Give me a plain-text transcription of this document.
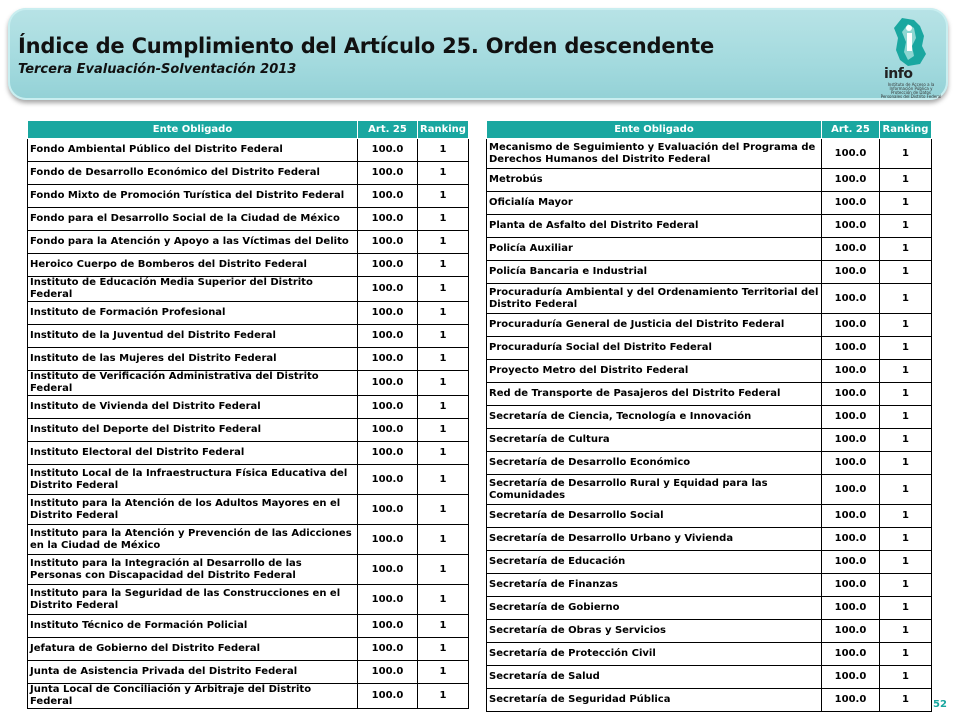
Índice de Cumplimiento del Artículo 25. Orden descendente
Tercera Evaluación-Solventación 2013	info
Instituto de Acceso a la Información Pública y Protección de Datos Personales del Distrito Federal
Ente Obligado	Art. 25	Ranking
Fondo Ambiental Público del Distrito Federal	100.0	1
Fondo de Desarrollo Económico del Distrito Federal	100.0	1
Fondo Mixto de Promoción Turística del Distrito Federal	100.0	1
Fondo para el Desarrollo Social de la Ciudad de México	100.0	1
Fondo para la Atención y Apoyo a las Víctimas del Delito	100.0	1
Heroico Cuerpo de Bomberos del Distrito Federal	100.0	1
Instituto de Educación Media Superior del Distrito Federal	100.0	1
Instituto de Formación Profesional	100.0	1
Instituto de la Juventud del Distrito Federal	100.0	1
Instituto de las Mujeres del Distrito Federal	100.0	1
Instituto de Verificación Administrativa del Distrito Federal	100.0	1
Instituto de Vivienda del Distrito Federal	100.0	1
Instituto del Deporte del Distrito Federal	100.0	1
Instituto Electoral del Distrito Federal	100.0	1
Instituto Local de la Infraestructura Física Educativa del Distrito Federal	100.0	1
Instituto para la Atención de los Adultos Mayores en el Distrito Federal	100.0	1
Instituto para la Atención y Prevención de las Adicciones en la Ciudad de México	100.0	1
Instituto para la Integración al Desarrollo de las Personas con Discapacidad del Distrito Federal	100.0	1
Instituto para la Seguridad de las Construcciones en el Distrito Federal	100.0	1
Instituto Técnico de Formación Policial	100.0	1
Jefatura de Gobierno del Distrito Federal	100.0	1
Junta de Asistencia Privada del Distrito Federal	100.0	1
Junta Local de Conciliación y Arbitraje del Distrito Federal	100.0	1
Ente Obligado	Art. 25	Ranking
Mecanismo de Seguimiento y Evaluación del Programa de Derechos Humanos del Distrito Federal	100.0	1
Metrobús	100.0	1
Oficialía Mayor	100.0	1
Planta de Asfalto del Distrito Federal	100.0	1
Policía Auxiliar	100.0	1
Policía Bancaria e Industrial	100.0	1
Procuraduría Ambiental y del Ordenamiento Territorial del Distrito Federal	100.0	1
Procuraduría General de Justicia del Distrito Federal	100.0	1
Procuraduría Social del Distrito Federal	100.0	1
Proyecto Metro del Distrito Federal	100.0	1
Red de Transporte de Pasajeros del Distrito Federal	100.0	1
Secretaría de Ciencia, Tecnología e Innovación	100.0	1
Secretaría de Cultura	100.0	1
Secretaría de Desarrollo Económico	100.0	1
Secretaría de Desarrollo Rural y Equidad para las Comunidades	100.0	1
Secretaría de Desarrollo Social	100.0	1
Secretaría de Desarrollo Urbano y Vivienda	100.0	1
Secretaría de Educación	100.0	1
Secretaría de Finanzas	100.0	1
Secretaría de Gobierno	100.0	1
Secretaría de Obras y Servicios	100.0	1
Secretaría de Protección Civil	100.0	1
Secretaría de Salud	100.0	1
Secretaría de Seguridad Pública	100.0	1 52
